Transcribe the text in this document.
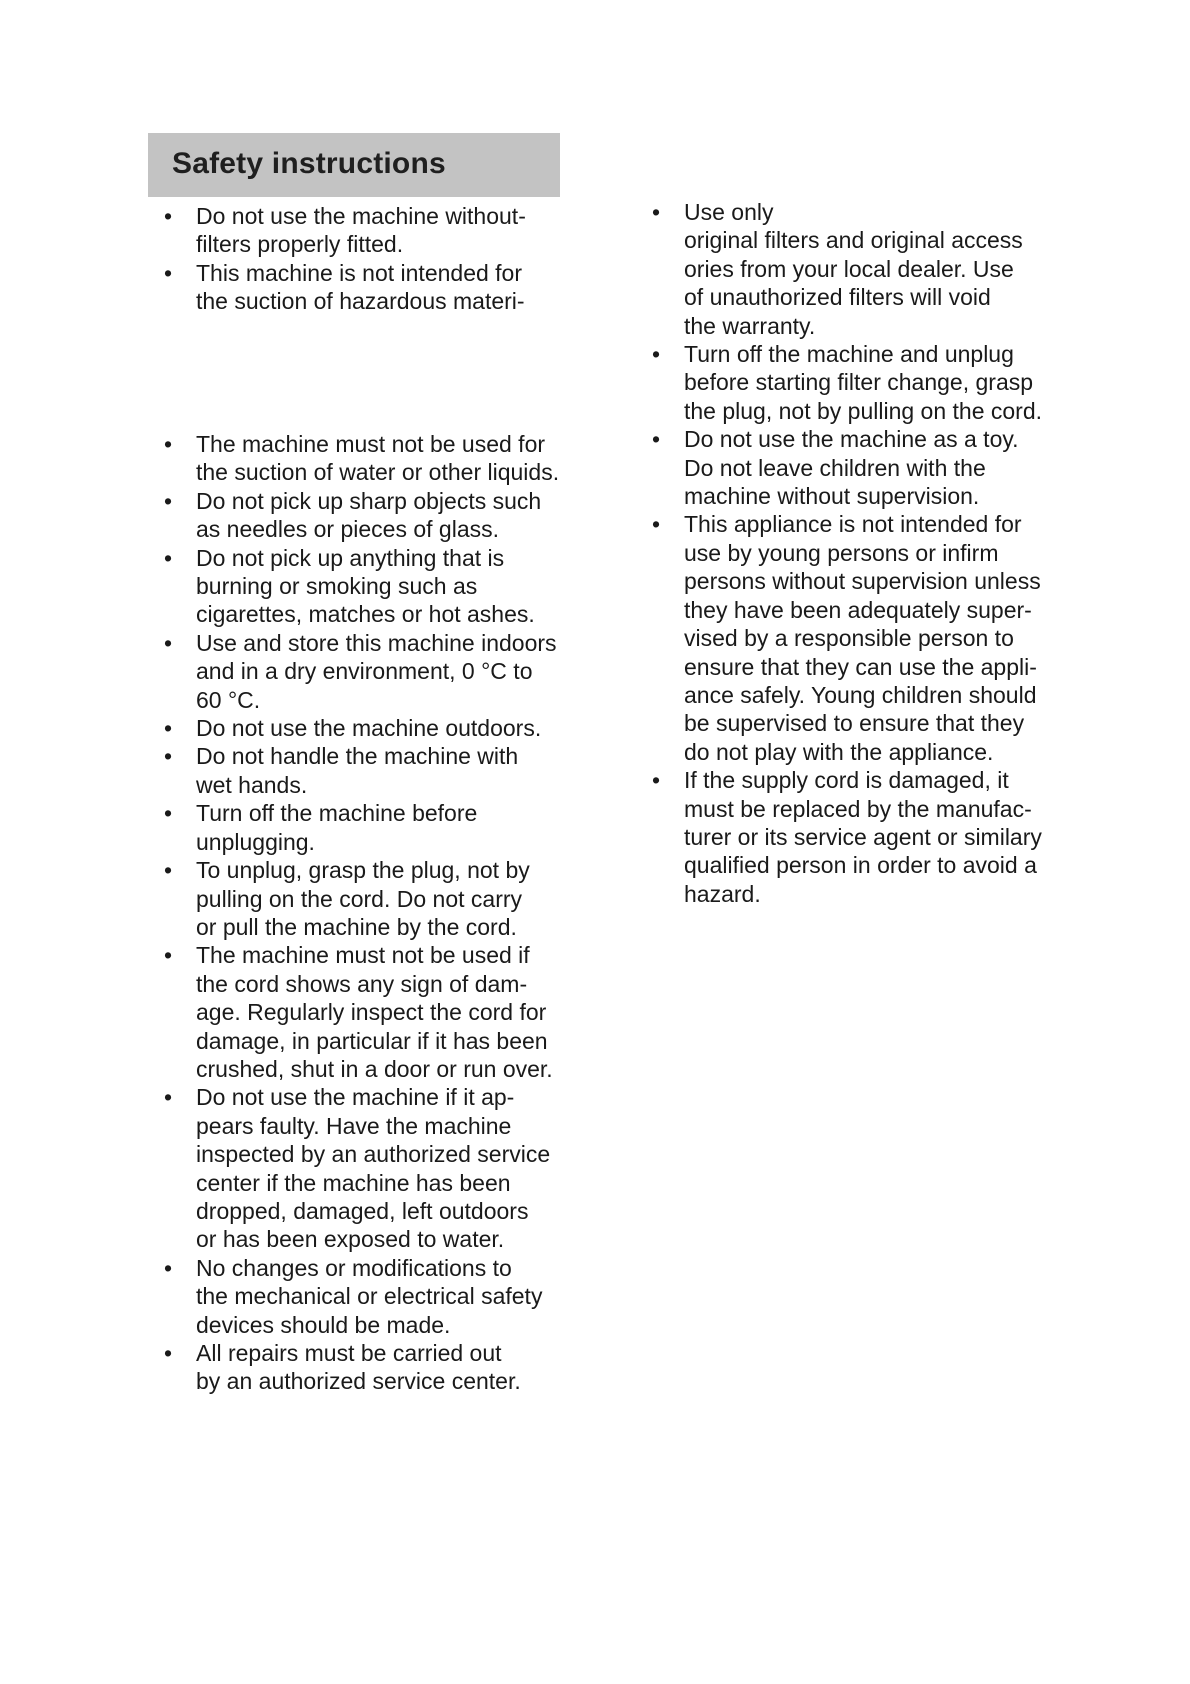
Safety instructions
• Do not use the machine without-
filters properly fitted.
• This machine is not intended for
the suction of hazardous materi-
• The machine must not be used for
the suction of water or other liquids.
• Do not pick up sharp objects such
as needles or pieces of glass.
• Do not pick up anything that is
burning or smoking such as
cigarettes, matches or hot ashes.
• Use and store this machine indoors
and in a dry environment, 0 °C to
60 °C.
• Do not use the machine outdoors.
• Do not handle the machine with
wet hands.
• Turn off the machine before
unplugging.
• To unplug, grasp the plug, not by
pulling on the cord. Do not carry
or pull the machine by the cord.
• The machine must not be used if
the cord shows any sign of dam-
age. Regularly inspect the cord for
damage, in particular if it has been
crushed, shut in a door or run over.
• Do not use the machine if it ap-
pears faulty. Have the machine
inspected by an authorized service
center if the machine has been
dropped, damaged, left outdoors
or has been exposed to water.
• No changes or modifications to
the mechanical or electrical safety
devices should be made.
• All repairs must be carried out
by an authorized service center.
• Use only
original filters and original access
ories from your local dealer. Use
of unauthorized filters will void
the warranty.
• Turn off the machine and unplug
before starting filter change, grasp
the plug, not by pulling on the cord.
• Do not use the machine as a toy.
Do not leave children with the
machine without supervision.
• This appliance is not intended for
use by young persons or infirm
persons without supervision unless
they have been adequately super-
vised by a responsible person to
ensure that they can use the appli-
ance safely. Young children should
be supervised to ensure that they
do not play with the appliance.
• If the supply cord is damaged, it
must be replaced by the manufac-
turer or its service agent or similary
qualified person in order to avoid a
hazard.
